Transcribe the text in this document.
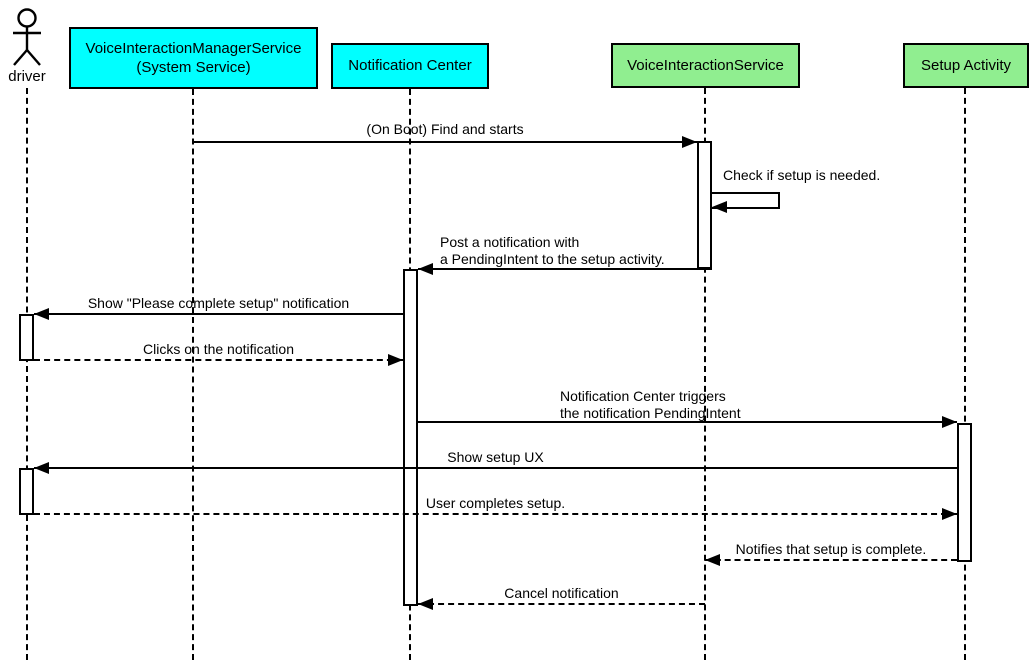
driver
VoiceInteractionManagerService
(System Service)	Notification Center	VoiceInteractionService	Setup Activity
(On Boot) Find and starts
Check if setup is needed.
Post a notification with
a PendingIntent to the setup activity.
Show "Please complete setup" notification
Clicks on the notification
Notification Center triggers
the notification PendingIntent
Show setup UX
User completes setup.
Notifies that setup is complete.
Cancel notification
